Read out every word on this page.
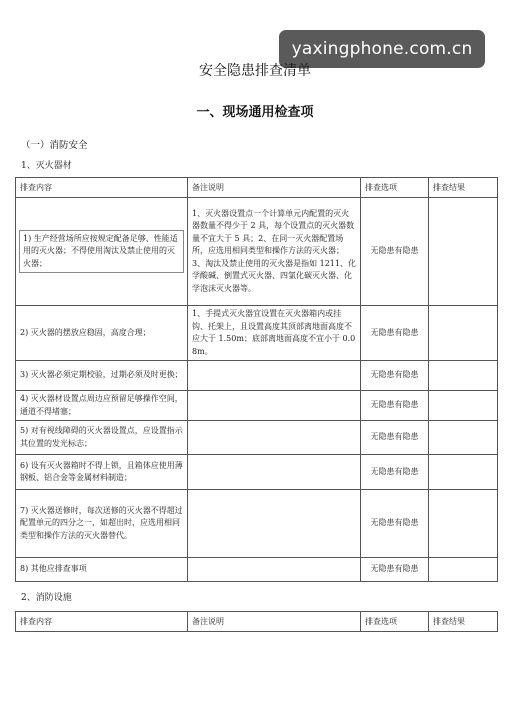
yaxingphone.com.cn
安全隐患排查清单
一、现场通用检查项
（一）消防安全
1、灭火器材
排查内容	备注说明	排查选项	排查结果

1) 生产经营场所应按规定配备足够、性能适用的灭火器；不得使用淘汰及禁止使用的灭火器；	1、灭火器设置点一个计算单元内配置的灭火器数量不得少于 2 具，每个设置点的灭火器数量不宜大于 5 具；2、在同一灭火器配置场所，应选用相同类型和操作方法的灭火器；3、淘汰及禁止使用的灭火器是指如 1211、化学酸碱、倒置式灭火器、四氯化碳灭火器、化学泡沫灭火器等。	无隐患有隐患	
2) 灭火器的摆放应稳固，高度合理；	1、手提式灭火器宜设置在灭火器箱内或挂钩、托架上，且设置高度其顶部离地面高度不应大于 1.50m；底部离地面高度不宜小于 0.08m。	无隐患有隐患	
3) 灭火器必须定期校验，过期必须及时更换；		无隐患有隐患	
4) 灭火器材设置点周边应预留足够操作空间，通道不得堵塞；		无隐患有隐患	
5) 对有视线障碍的灭火器设置点，应设置指示其位置的发光标志；		无隐患有隐患	
6) 设有灭火器箱时不得上锁，且箱体应使用薄钢板、铝合金等金属材料制造；		无隐患有隐患	
7) 灭火器送修时，每次送修的灭火器不得超过配置单元的四分之一，如超出时，应选用相同类型和操作方法的灭火器替代。		无隐患有隐患	
8) 其他应排查事项		无隐患有隐患	
2、消防设施
排查内容	备注说明	排查选项	排查结果
